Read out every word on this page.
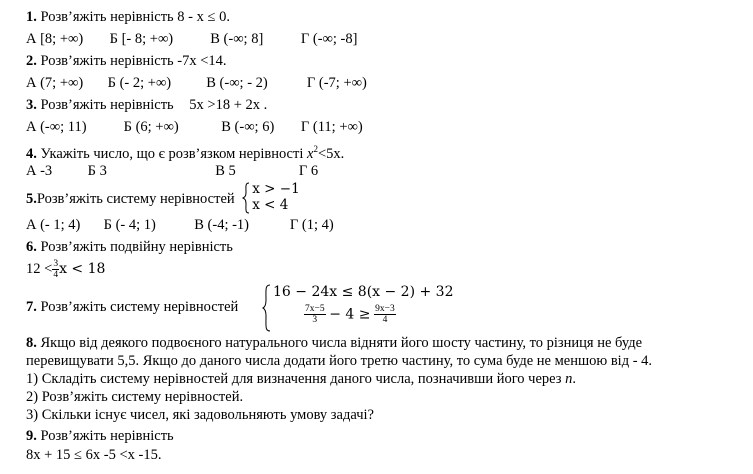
1. Розв’яжіть нерівність 8 - x ≤ 0.
А [8; +∞) Б [- 8; +∞)	В (-∞; 8]	Г (-∞; -8]
2. Розв’яжіть нерівність -7x <14.
А (7; +∞) Б (- 2; +∞) В (-∞; - 2)	Г (-7; +∞)
3. Розв’яжіть нерівність 5x >18 + 2x .
А (-∞; 11)	Б (6; +∞)	В (-∞; 6) Г (11; +∞)
4. Укажіть число, що є розв’язком нерівності $x^2<5x$.
А -3 Б 3	В 5	Г 6
5.Розв’яжіть систему нерівностей
x > −1
x < 4
А (- 1; 4) Б (- 4; 1)	В (-4; -1)	Г (1; 4)
6. Розв’яжіть подвійну нерівність
$12 < \frac{3}{4}$ x < 18
7. Розв’яжіть систему нерівностей
16 − 24x ≤ 8(x − 2) + 32
$\frac{7x-5}{3} - 4 \ge \frac{9x-3}{4}$
8. Якщо від деякого подвоєного натурального числа відняти його шосту частину, то різниця не буде
перевищувати 5,5. Якщо до даного числа додати його третю частину, то сума буде не меншою від - 4.
1) Складіть систему нерівностей для визначення даного числа, позначивши його через n.
2) Розв’яжіть систему нерівностей.
3) Скільки існує чисел, які задовольняють умову задачі?
9. Розв’яжіть нерівність
8x + 15 ≤ 6x -5 <x -15.
